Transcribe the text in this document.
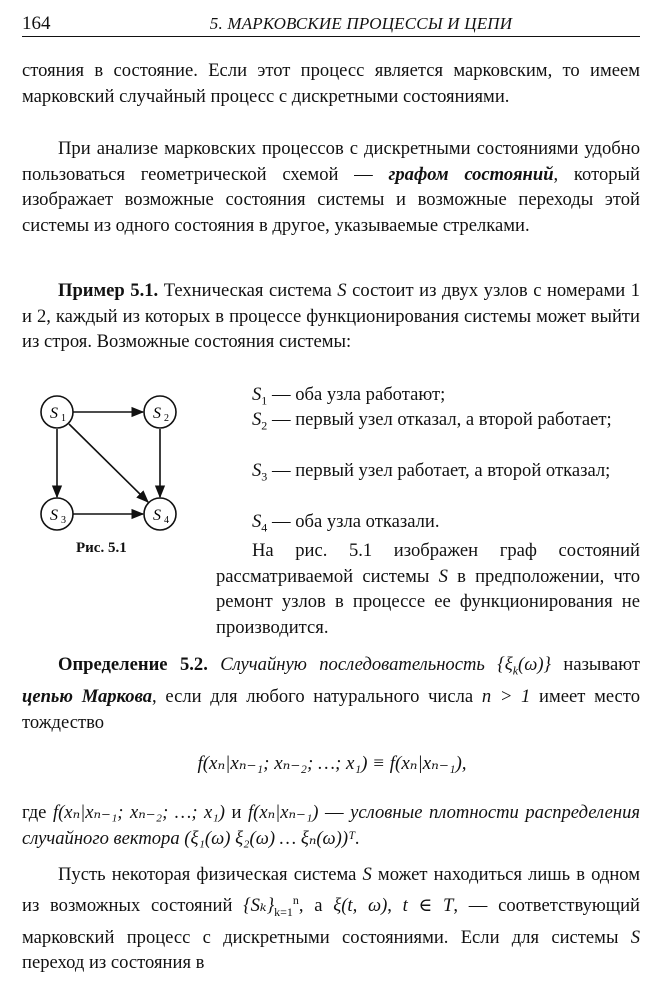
164	5. МАРКОВСКИЕ ПРОЦЕССЫ И ЦЕПИ
стояния в состояние. Если этот процесс является марковским, то имеем марковский случайный процесс с дискретными состояниями.
При анализе марковских процессов с дискретными состояниями удобно пользоваться геометрической схемой — графом состояний, который изображает возможные состояния системы и возможные переходы этой системы из одного состояния в другое, указываемые стрелками.
Пример 5.1. Техническая система S состоит из двух узлов с номерами 1 и 2, каждый из которых в процессе функционирования системы может выйти из строя. Возможные состояния системы:
S 1	S 2
S 3	S 4
Рис. 5.1
$S_1$ — оба узла работают;
$S_2$ — первый узел отказал, а второй работает;
$S_3$ — первый узел работает, а второй отказал;
$S_4$ — оба узла отказали.
На рис. 5.1 изображен граф состояний рассматриваемой системы S в предположении, что ремонт узлов в процессе ее функционирования не производится.
Определение 5.2. Случайную последовательность $\{\xi_k(\omega)\}$ называют цепью Маркова, если для любого натурального числа n > 1 имеет место тождество
f(xₙ|xₙ₋₁; xₙ₋₂; …; x₁) ≡ f(xₙ|xₙ₋₁),
где f(xₙ|xₙ₋₁; xₙ₋₂; …; x₁) и f(xₙ|xₙ₋₁) — условные плотности распределения случайного вектора (ξ₁(ω) ξ₂(ω) … ξₙ(ω))ᵀ.
Пусть некоторая физическая система S может находиться лишь в одном из возможных состояний $\{S_k\}_{k=1}^n$, а ξ(t, ω), t ∈ T, — соответствующий марковский процесс с дискретными состояниями. Если для системы S переход из состояния в
